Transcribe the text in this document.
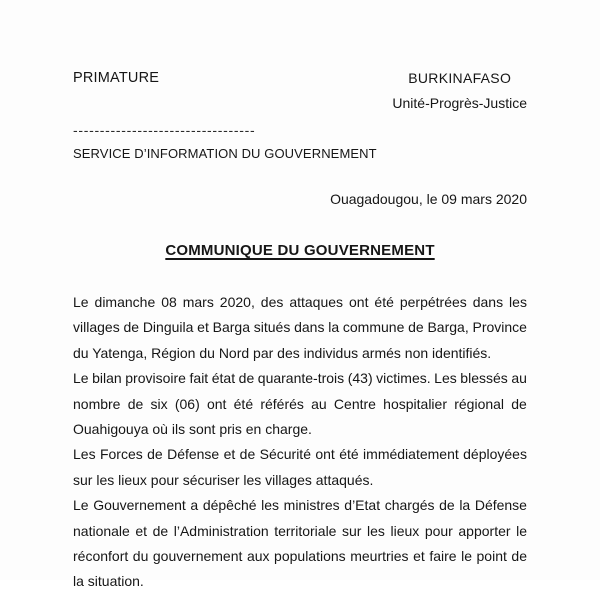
PRIMATURE	BURKINAFASO
Unité-Progrès-Justice
----------------------------------
SERVICE D’INFORMATION DU GOUVERNEMENT
Ouagadougou, le 09 mars 2020
COMMUNIQUE DU GOUVERNEMENT
Le dimanche 08 mars 2020, des attaques ont été perpétrées dans les
villages de Dinguila et Barga situés dans la commune de Barga, Province
du Yatenga, Région du Nord par des individus armés non identifiés.
Le bilan provisoire fait état de quarante-trois (43) victimes. Les blessés au
nombre de six (06) ont été référés au Centre hospitalier régional de
Ouahigouya où ils sont pris en charge.
Les Forces de Défense et de Sécurité ont été immédiatement déployées
sur les lieux pour sécuriser les villages attaqués.
Le Gouvernement a dépêché les ministres d’Etat chargés de la Défense
nationale et de l’Administration territoriale sur les lieux pour apporter le
réconfort du gouvernement aux populations meurtries et faire le point de
la situation.
